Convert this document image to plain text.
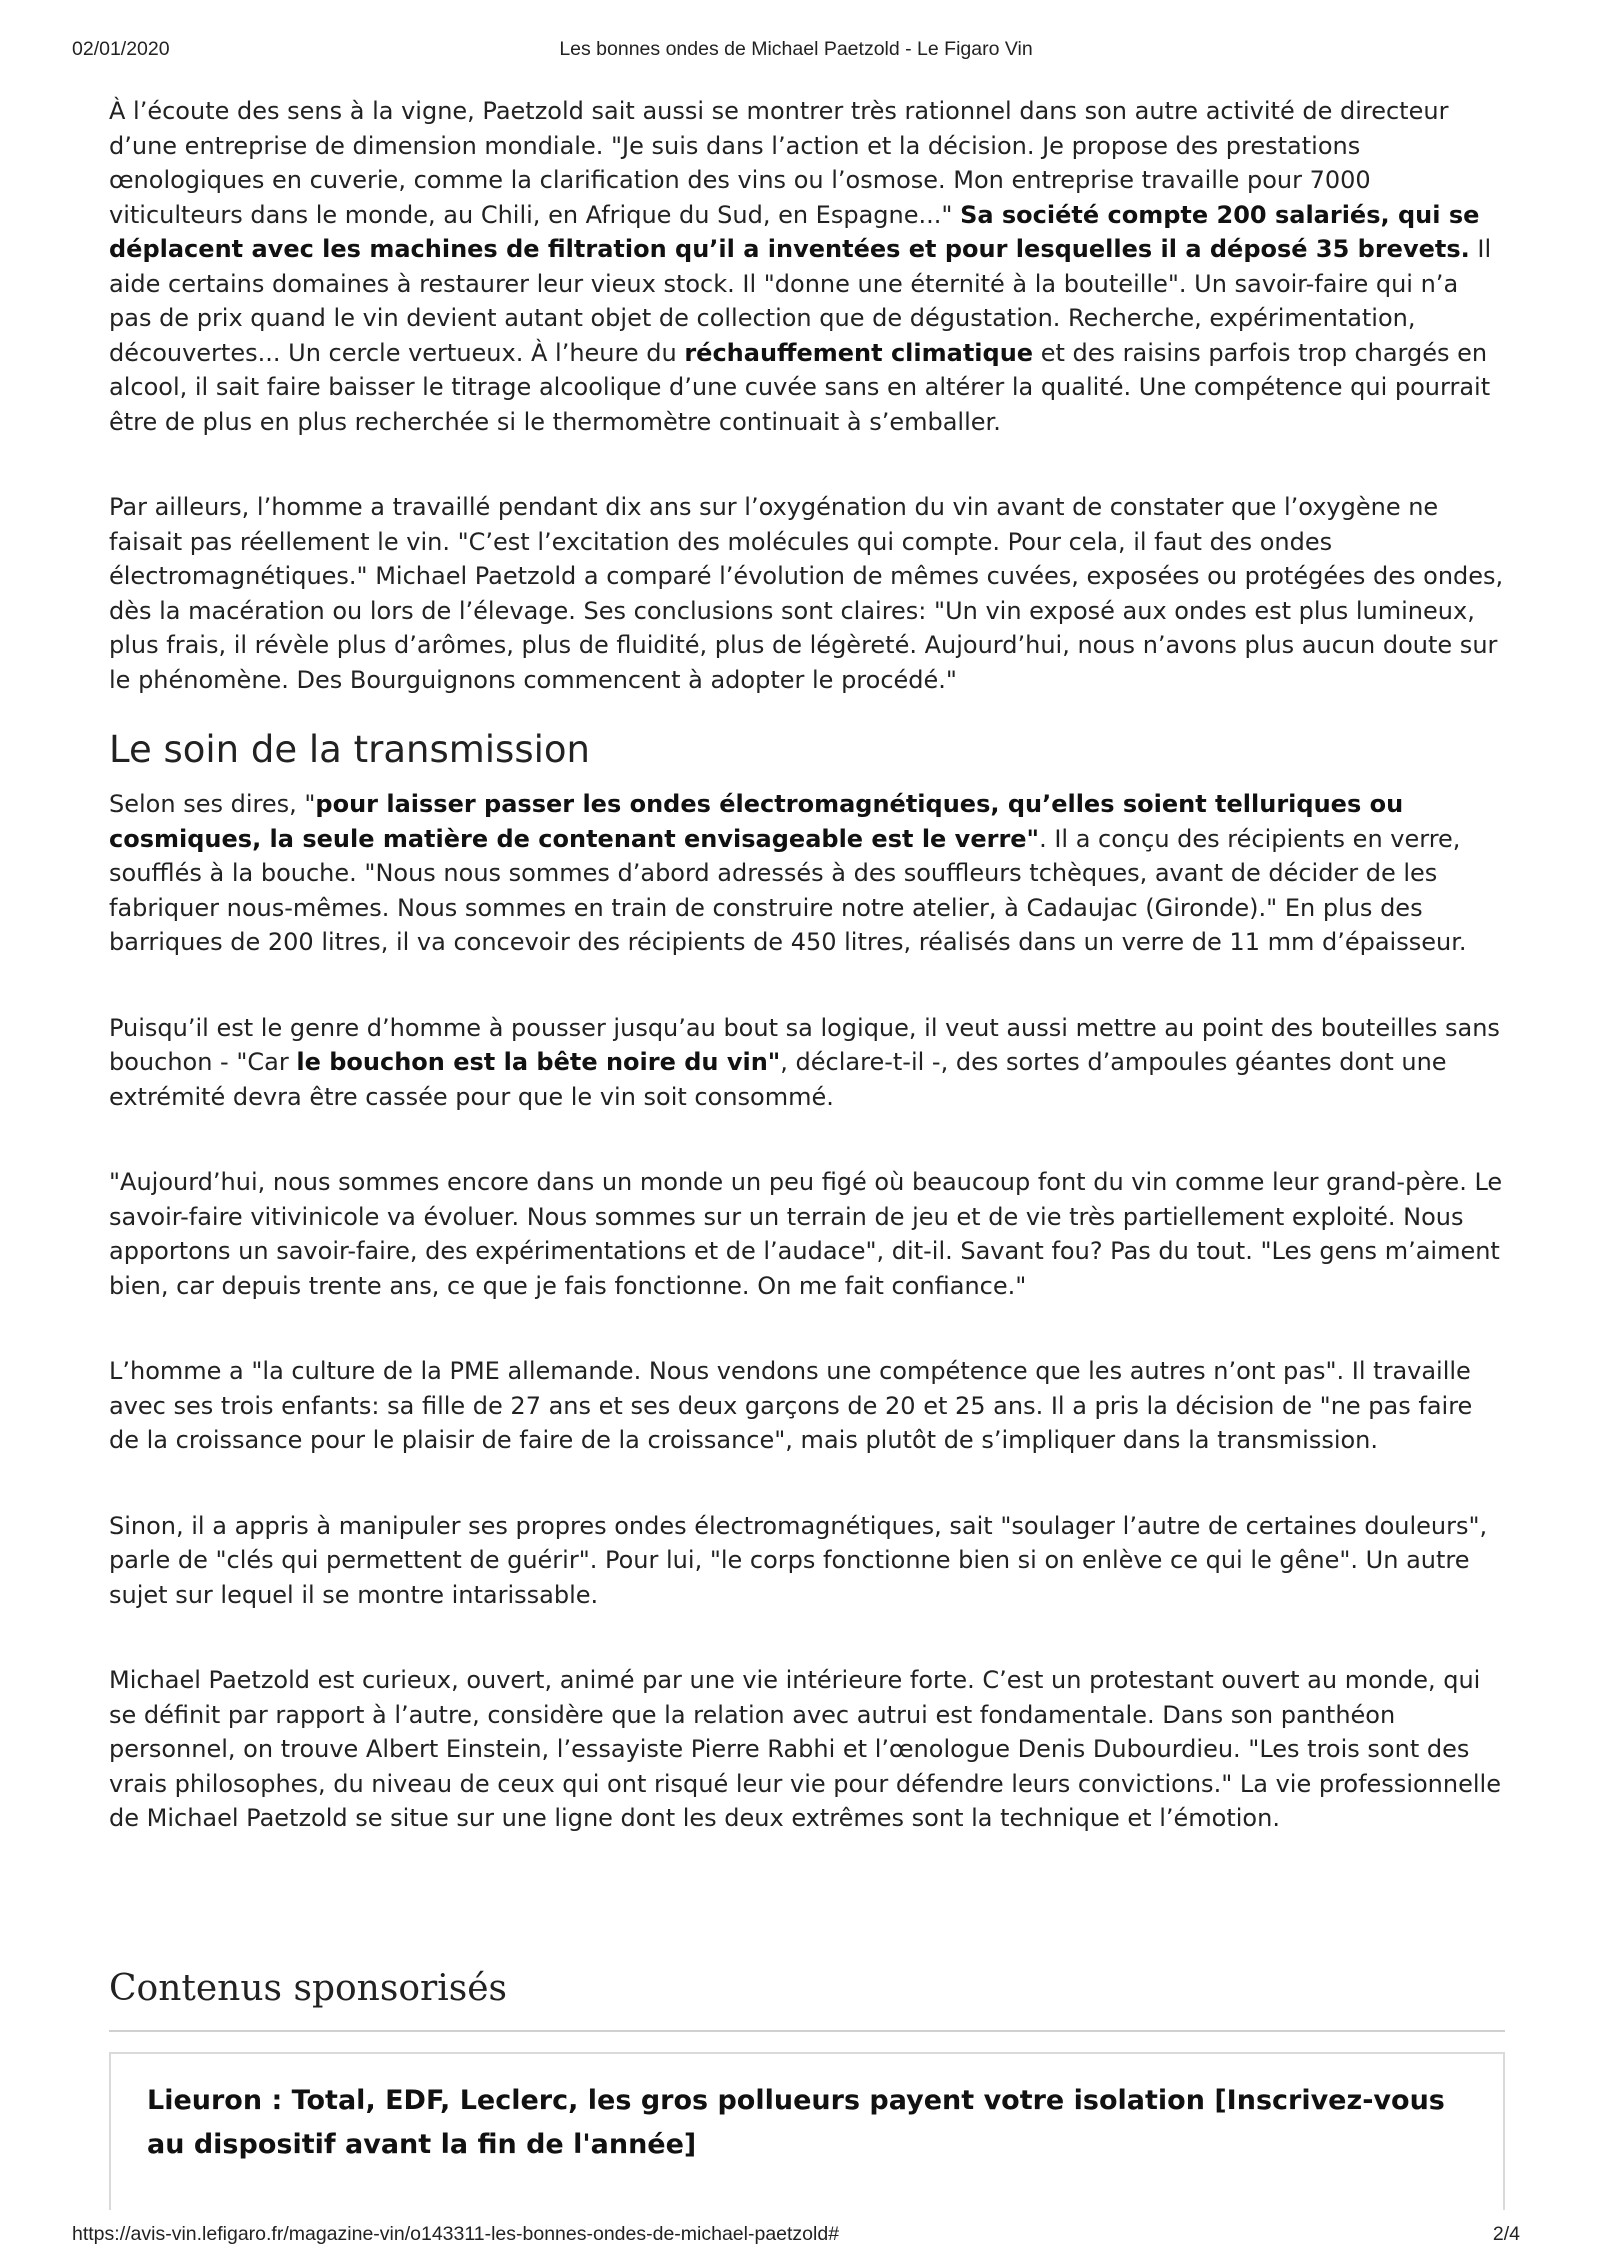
02/01/2020	Les bonnes ondes de Michael Paetzold - Le Figaro Vin

À l’écoute des sens à la vigne, Paetzold sait aussi se montrer très rationnel dans son autre activité de directeur d’une entreprise de dimension mondiale. "Je suis dans l’action et la décision. Je propose des prestations œnologiques en cuverie, comme la clarification des vins ou l’osmose. Mon entreprise travaille pour 7000 viticulteurs dans le monde, au Chili, en Afrique du Sud, en Espagne..." Sa société compte 200 salariés, qui se déplacent avec les machines de filtration qu’il a inventées et pour lesquelles il a déposé 35 brevets. Il aide certains domaines à restaurer leur vieux stock. Il "donne une éternité à la bouteille". Un savoir-faire qui n’a pas de prix quand le vin devient autant objet de collection que de dégustation. Recherche, expérimentation, découvertes... Un cercle vertueux. À l’heure du réchauffement climatique et des raisins parfois trop chargés en alcool, il sait faire baisser le titrage alcoolique d’une cuvée sans en altérer la qualité. Une compétence qui pourrait être de plus en plus recherchée si le thermomètre continuait à s’emballer.

Par ailleurs, l’homme a travaillé pendant dix ans sur l’oxygénation du vin avant de constater que l’oxygène ne faisait pas réellement le vin. "C’est l’excitation des molécules qui compte. Pour cela, il faut des ondes électromagnétiques." Michael Paetzold a comparé l’évolution de mêmes cuvées, exposées ou protégées des ondes, dès la macération ou lors de l’élevage. Ses conclusions sont claires: "Un vin exposé aux ondes est plus lumineux, plus frais, il révèle plus d’arômes, plus de fluidité, plus de légèreté. Aujourd’hui, nous n’avons plus aucun doute sur le phénomène. Des Bourguignons commencent à adopter le procédé."

Le soin de la transmission

Selon ses dires, "pour laisser passer les ondes électromagnétiques, qu’elles soient telluriques ou cosmiques, la seule matière de contenant envisageable est le verre". Il a conçu des récipients en verre, soufflés à la bouche. "Nous nous sommes d’abord adressés à des souffleurs tchèques, avant de décider de les fabriquer nous-mêmes. Nous sommes en train de construire notre atelier, à Cadaujac (Gironde)." En plus des barriques de 200 litres, il va concevoir des récipients de 450 litres, réalisés dans un verre de 11 mm d’épaisseur.

Puisqu’il est le genre d’homme à pousser jusqu’au bout sa logique, il veut aussi mettre au point des bouteilles sans bouchon - "Car le bouchon est la bête noire du vin", déclare-t-il -, des sortes d’ampoules géantes dont une extrémité devra être cassée pour que le vin soit consommé.

"Aujourd’hui, nous sommes encore dans un monde un peu figé où beaucoup font du vin comme leur grand-père. Le savoir-faire vitivinicole va évoluer. Nous sommes sur un terrain de jeu et de vie très partiellement exploité. Nous apportons un savoir-faire, des expérimentations et de l’audace", dit-il. Savant fou? Pas du tout. "Les gens m’aiment bien, car depuis trente ans, ce que je fais fonctionne. On me fait confiance."

L’homme a "la culture de la PME allemande. Nous vendons une compétence que les autres n’ont pas". Il travaille avec ses trois enfants: sa fille de 27 ans et ses deux garçons de 20 et 25 ans. Il a pris la décision de "ne pas faire de la croissance pour le plaisir de faire de la croissance", mais plutôt de s’impliquer dans la transmission.

Sinon, il a appris à manipuler ses propres ondes électromagnétiques, sait "soulager l’autre de certaines douleurs", parle de "clés qui permettent de guérir". Pour lui, "le corps fonctionne bien si on enlève ce qui le gêne". Un autre sujet sur lequel il se montre intarissable.

Michael Paetzold est curieux, ouvert, animé par une vie intérieure forte. C’est un protestant ouvert au monde, qui se définit par rapport à l’autre, considère que la relation avec autrui est fondamentale. Dans son panthéon personnel, on trouve Albert Einstein, l’essayiste Pierre Rabhi et l’œnologue Denis Dubourdieu. "Les trois sont des vrais philosophes, du niveau de ceux qui ont risqué leur vie pour défendre leurs convictions." La vie professionnelle de Michael Paetzold se situe sur une ligne dont les deux extrêmes sont la technique et l’émotion.

Contenus sponsorisés
Lieuron : Total, EDF, Leclerc, les gros pollueurs payent votre isolation [Inscrivez-vous au dispositif avant la fin de l'année]
https://avis-vin.lefigaro.fr/magazine-vin/o143311-les-bonnes-ondes-de-michael-paetzold#	2/4
